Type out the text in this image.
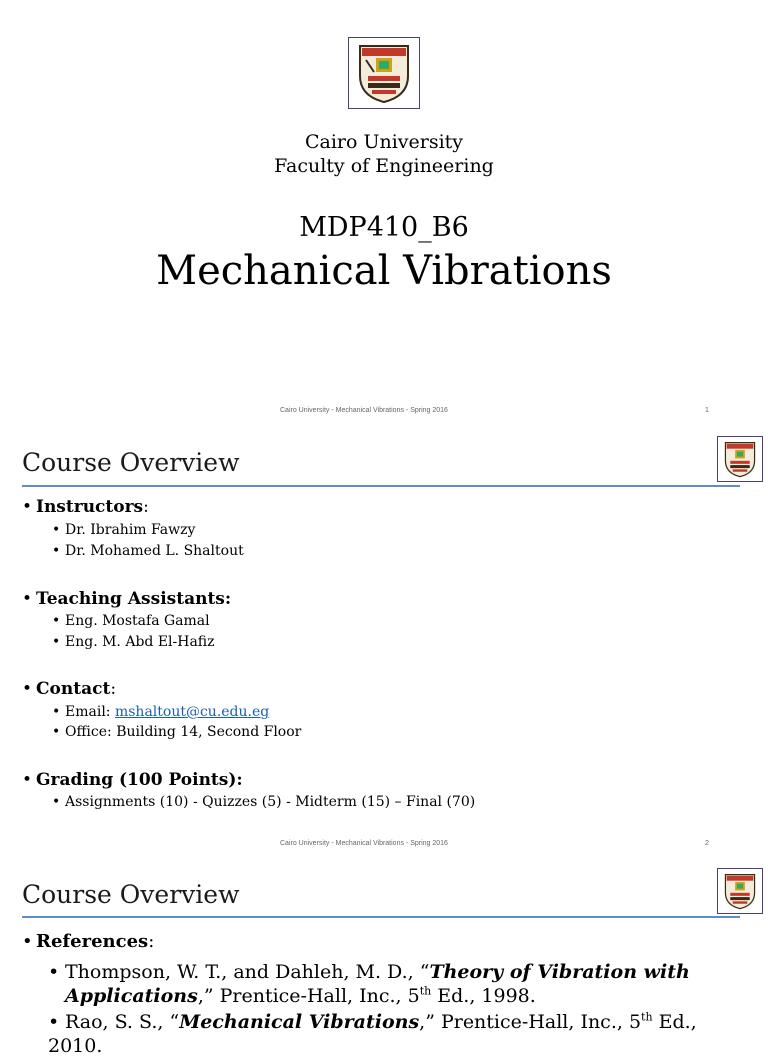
Cairo University
Faculty of Engineering
MDP410_B6
Mechanical Vibrations
Cairo University - Mechanical Vibrations - Spring 2016	1
Course Overview
• Instructors:
• Dr. Ibrahim Fawzy
• Dr. Mohamed L. Shaltout
• Teaching Assistants:
• Eng. Mostafa Gamal
• Eng. M. Abd El-Hafiz
• Contact:
• Email: mshaltout@cu.edu.eg
• Office: Building 14, Second Floor
• Grading (100 Points):
• Assignments (10) - Quizzes (5) - Midterm (15) – Final (70)
Cairo University - Mechanical Vibrations - Spring 2016	2
Course Overview
• References:
• Thompson, W. T., and Dahleh, M. D., “Theory of Vibration with
Applications,” Prentice-Hall, Inc., 5th Ed., 1998.
• Rao, S. S., “Mechanical Vibrations,” Prentice-Hall, Inc., 5th Ed., 2010.
